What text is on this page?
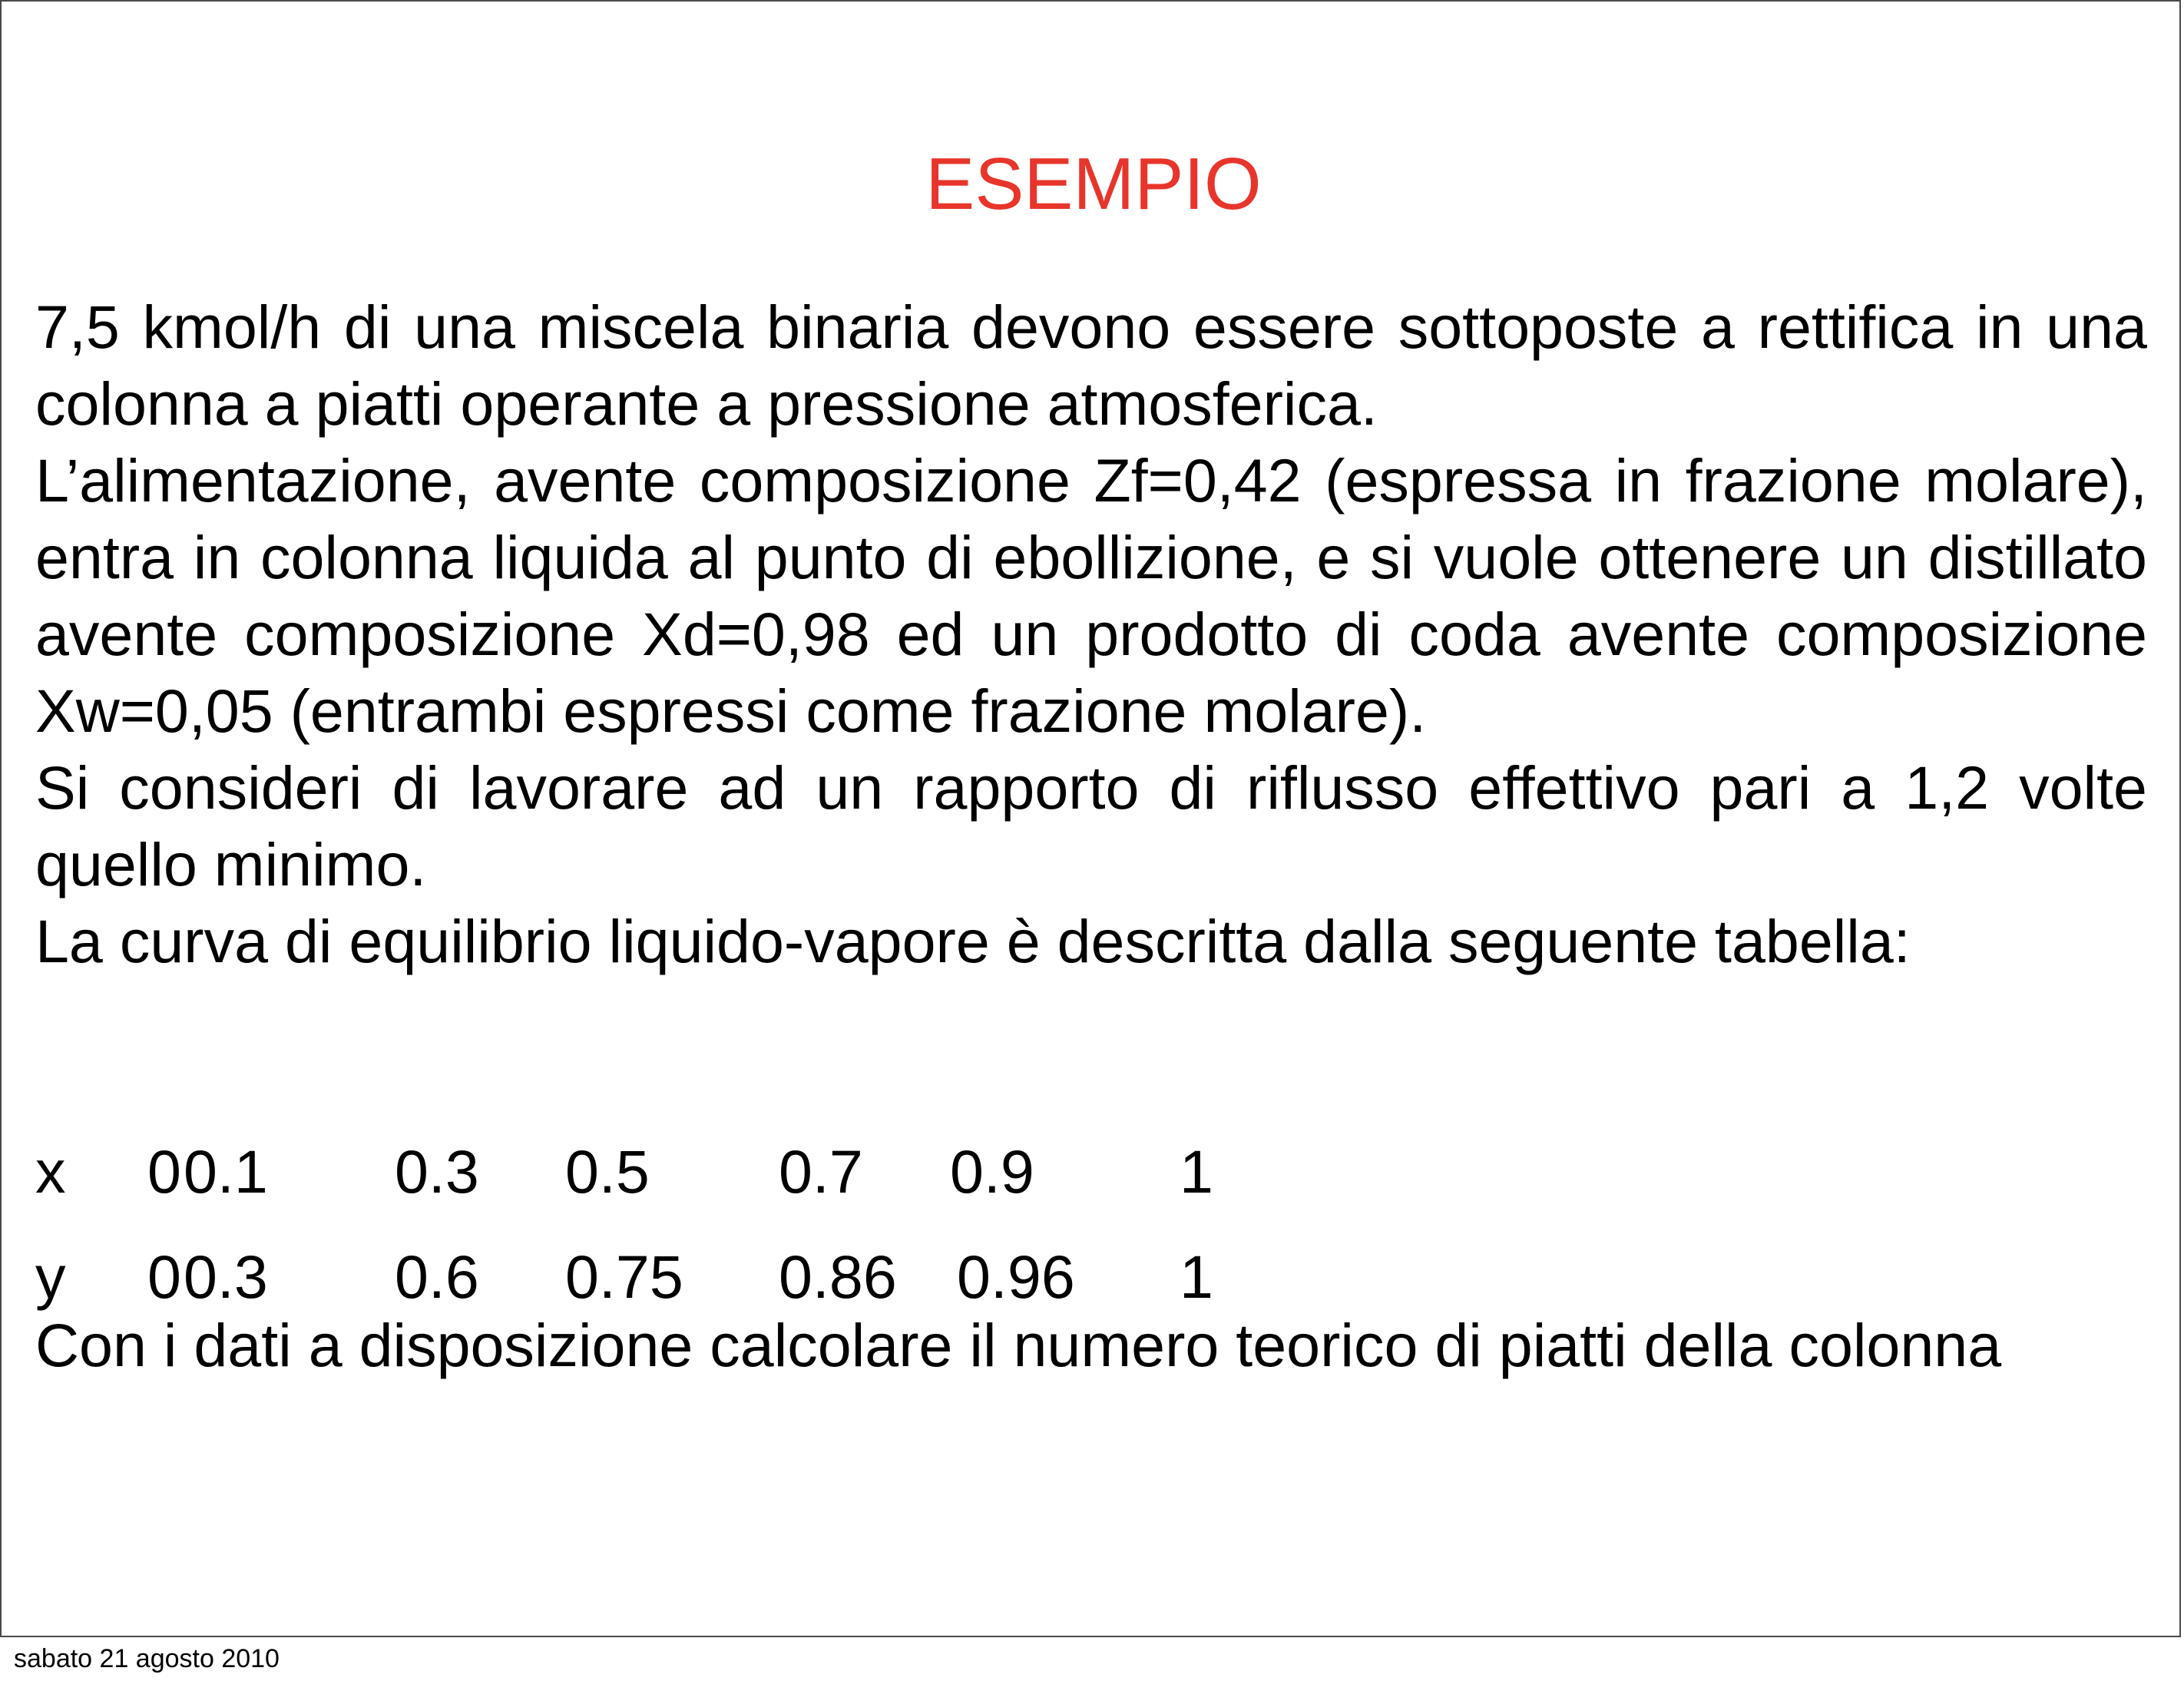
ESEMPIO

7,5 kmol/h di una miscela binaria devono essere sottoposte a rettifica in una colonna a piatti operante a pressione atmosferica.

L’alimentazione, avente composizione Zf=0,42 (espressa in frazione molare), entra in colonna liquida al punto di ebollizione, e si vuole ottenere un distillato avente composizione Xd=0,98 ed un prodotto di coda avente composizione Xw=0,05 (entrambi espressi come frazione molare).

Si consideri di lavorare ad un rapporto di riflusso effettivo pari a 1,2 volte quello minimo.

La curva di equilibrio liquido-vapore è descritta dalla seguente tabella:

x 0 0.1 0.3 0.5 0.7 0.9 1
y 0 0.3 0.6 0.75 0.86 0.96 1

Con i dati a disposizione calcolare il numero teorico di piatti della colonna

sabato 21 agosto 2010
